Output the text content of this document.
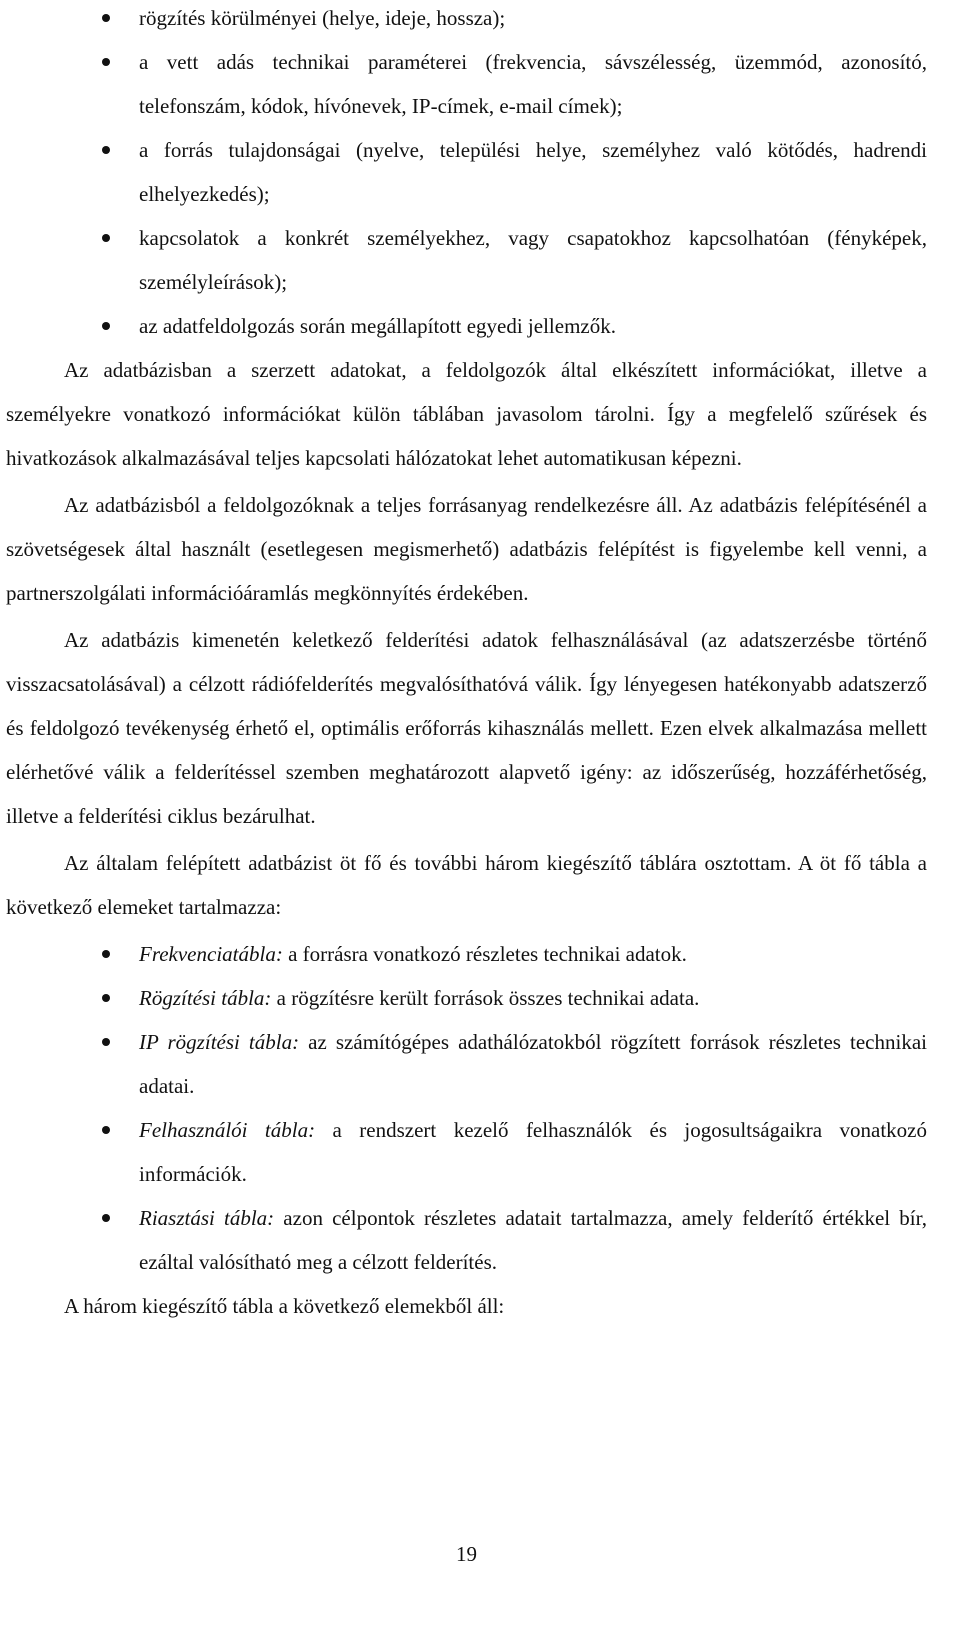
rögzítés körülményei (helye, ideje, hossza);
a vett adás technikai paraméterei (frekvencia, sávszélesség, üzemmód, azonosító, telefonszám, kódok, hívónevek, IP-címek, e-mail címek);
a forrás tulajdonságai (nyelve, települési helye, személyhez való kötődés, hadrendi elhelyezkedés);
kapcsolatok a konkrét személyekhez, vagy csapatokhoz kapcsolhatóan (fényképek, személyleírások);
az adatfeldolgozás során megállapított egyedi jellemzők.

Az adatbázisban a szerzett adatokat, a feldolgozók által elkészített információkat, illetve a személyekre vonatkozó információkat külön táblában javasolom tárolni. Így a megfelelő szűrések és hivatkozások alkalmazásával teljes kapcsolati hálózatokat lehet automatikusan képezni.

Az adatbázisból a feldolgozóknak a teljes forrásanyag rendelkezésre áll. Az adatbázis felépítésénél a szövetségesek által használt (esetlegesen megismerhető) adatbázis felépítést is figyelembe kell venni, a partnerszolgálati információáramlás megkönnyítés érdekében.

Az adatbázis kimenetén keletkező felderítési adatok felhasználásával (az adatszerzésbe történő visszacsatolásával) a célzott rádiófelderítés megvalósíthatóvá válik. Így lényegesen hatékonyabb adatszerző és feldolgozó tevékenység érhető el, optimális erőforrás kihasználás mellett. Ezen elvek alkalmazása mellett elérhetővé válik a felderítéssel szemben meghatározott alapvető igény: az időszerűség, hozzáférhetőség, illetve a felderítési ciklus bezárulhat.

Az általam felépített adatbázist öt fő és további három kiegészítő táblára osztottam. A öt fő tábla a következő elemeket tartalmazza:

Frekvenciatábla: a forrásra vonatkozó részletes technikai adatok.
Rögzítési tábla: a rögzítésre került források összes technikai adata.
IP rögzítési tábla: az számítógépes adathálózatokból rögzített források részletes technikai adatai.
Felhasználói tábla: a rendszert kezelő felhasználók és jogosultságaikra vonatkozó információk.
Riasztási tábla: azon célpontok részletes adatait tartalmazza, amely felderítő értékkel bír, ezáltal valósítható meg a célzott felderítés.

A három kiegészítő tábla a következő elemekből áll:

19
